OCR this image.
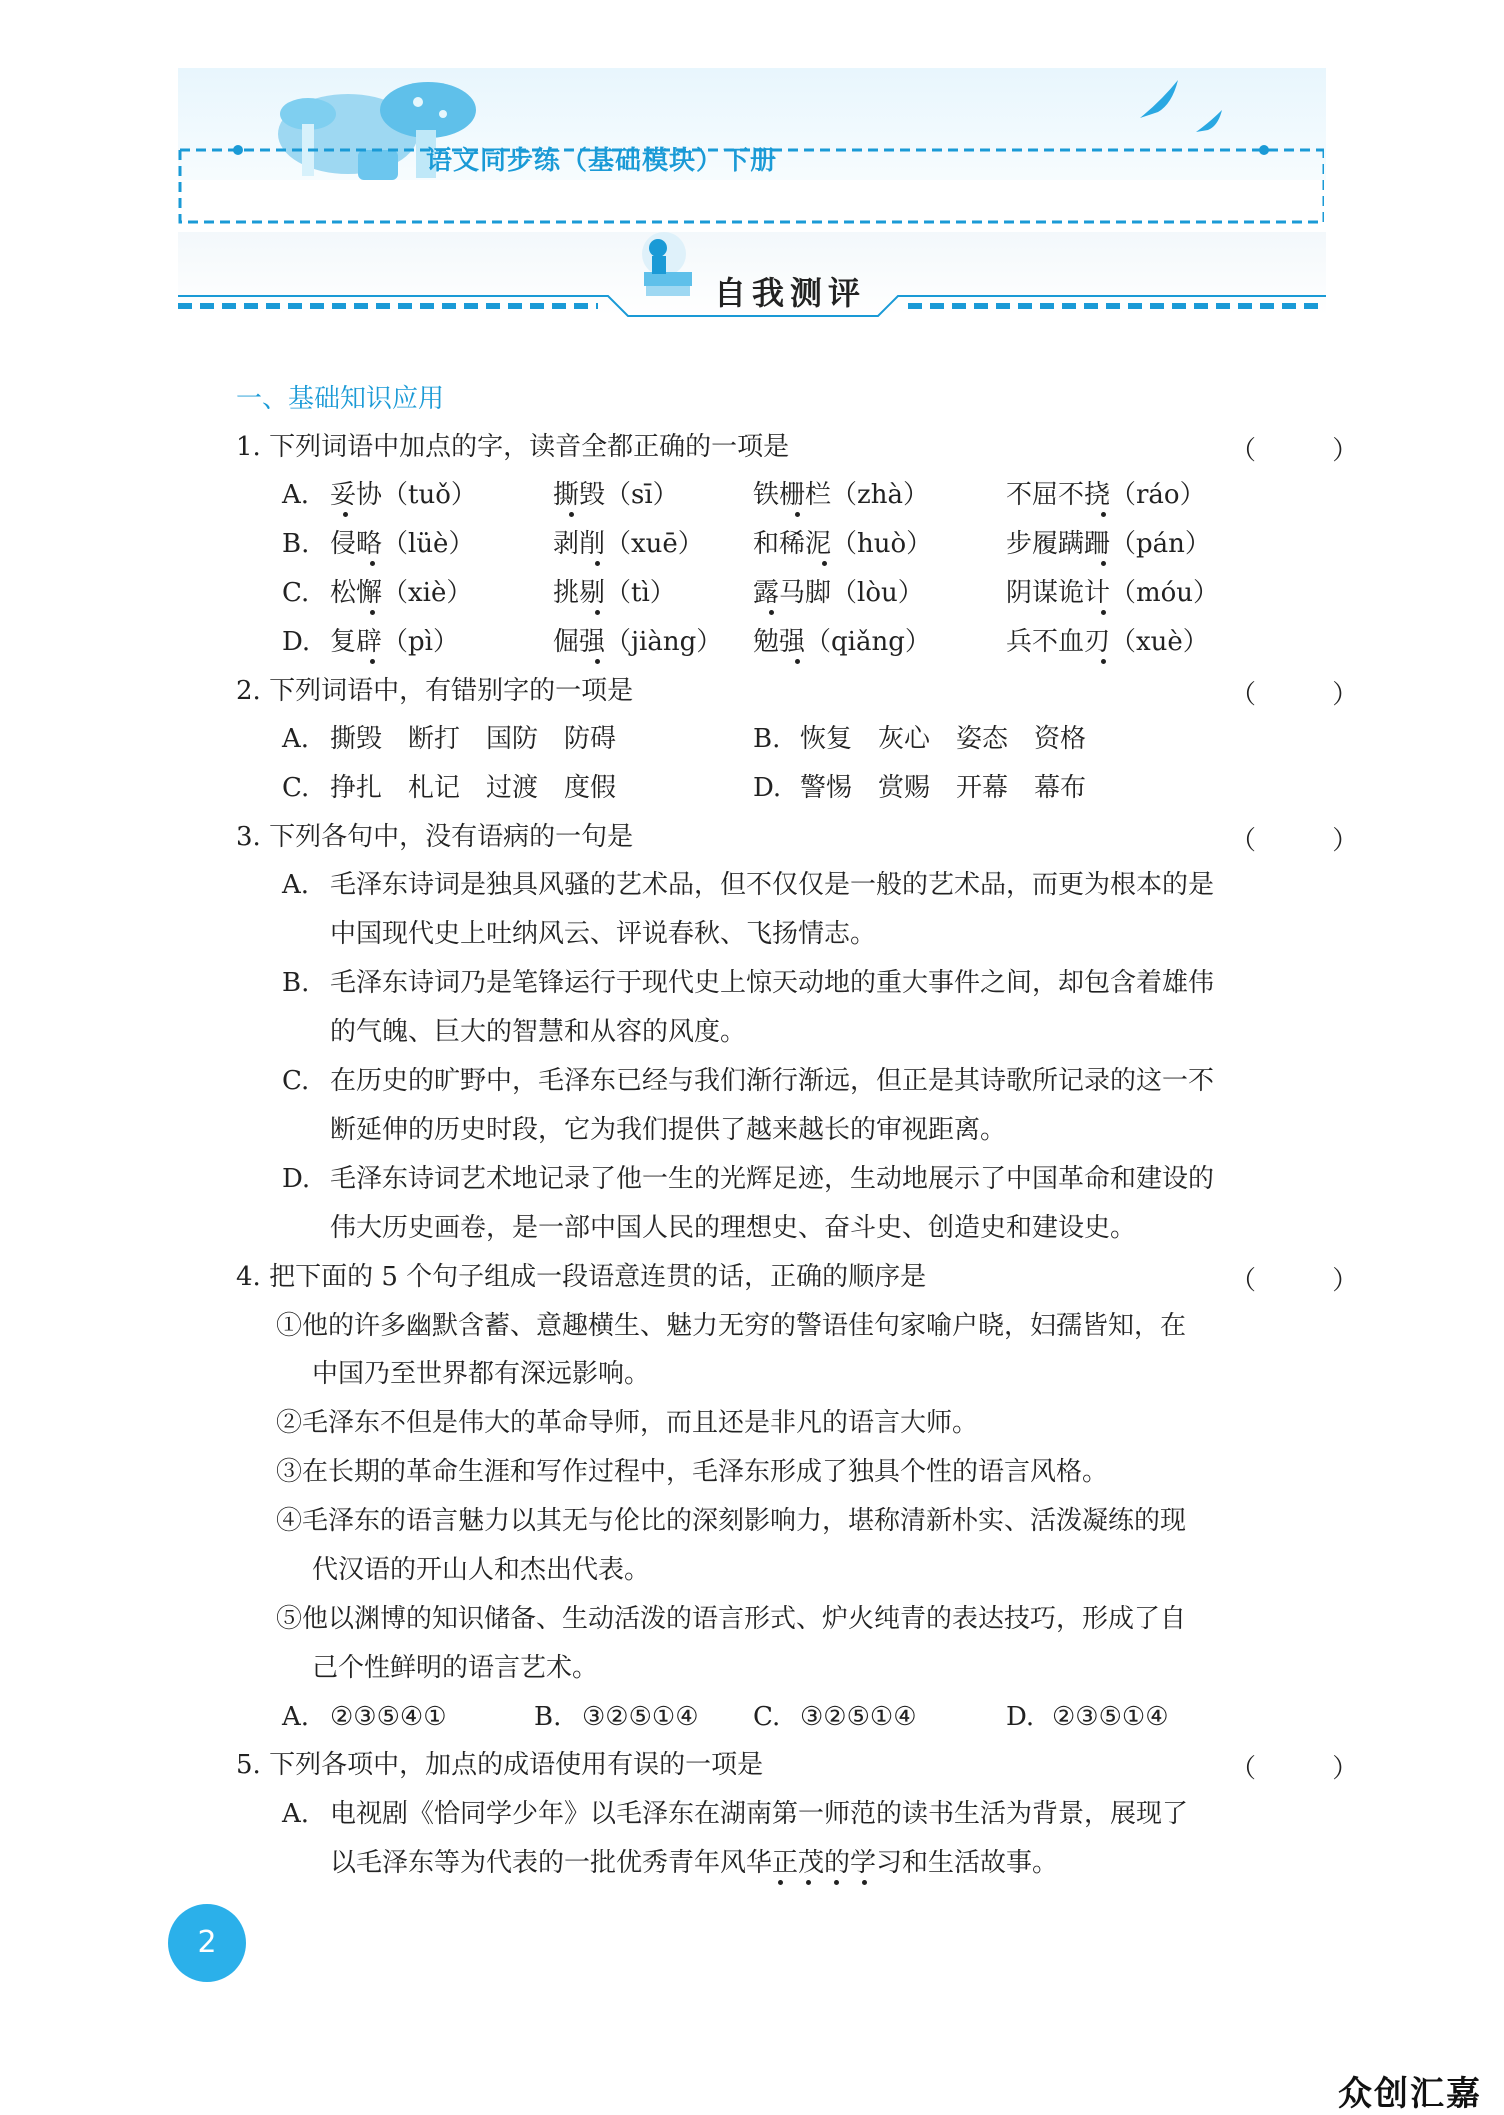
语文同步练（基础模块）下册
自我测评
一、基础知识应用
1. 下列词语中加点的字，读音全都正确的一项是	（ ）
A. 妥协（tuǒ）	撕毁（sī）	铁栅栏（zhà）	不屈不挠（ráo）
B. 侵略（lüè）	剥削（xuē） 和稀泥（huò）	步履蹒跚（pán）
C. 松懈（xiè）	挑剔（tì）	露马脚（lòu）	阴谋诡计（móu）
D. 复辟（pì）	倔强（jiàng） 勉强（qiǎng）	兵不血刃（xuè）
2. 下列词语中，有错别字的一项是	（ ）
A. 撕毁　断打　国防　防碍	B. 恢复　灰心　姿态　资格
C. 挣扎　札记　过渡　度假	D. 警惕　赏赐　开幕　幕布
3. 下列各句中，没有语病的一句是	（ ）
A. 毛泽东诗词是独具风骚的艺术品，但不仅仅是一般的艺术品，而更为根本的是
中国现代史上吐纳风云、评说春秋、飞扬情志。
B. 毛泽东诗词乃是笔锋运行于现代史上惊天动地的重大事件之间，却包含着雄伟
的气魄、巨大的智慧和从容的风度。
C. 在历史的旷野中，毛泽东已经与我们渐行渐远，但正是其诗歌所记录的这一不
断延伸的历史时段，它为我们提供了越来越长的审视距离。
D. 毛泽东诗词艺术地记录了他一生的光辉足迹，生动地展示了中国革命和建设的
伟大历史画卷，是一部中国人民的理想史、奋斗史、创造史和建设史。
4. 把下面的 5 个句子组成一段语意连贯的话，正确的顺序是	（ ）
①他的许多幽默含蓄、意趣横生、魅力无穷的警语佳句家喻户晓，妇孺皆知，在
中国乃至世界都有深远影响。
②毛泽东不但是伟大的革命导师，而且还是非凡的语言大师。
③在长期的革命生涯和写作过程中，毛泽东形成了独具个性的语言风格。
④毛泽东的语言魅力以其无与伦比的深刻影响力，堪称清新朴实、活泼凝练的现
代汉语的开山人和杰出代表。
⑤他以渊博的知识储备、生动活泼的语言形式、炉火纯青的表达技巧，形成了自
己个性鲜明的语言艺术。
A. ②③⑤④①	B. ③②⑤①④ C. ③②⑤①④	D. ②③⑤①④
5. 下列各项中，加点的成语使用有误的一项是	（ ）
A. 电视剧《恰同学少年》以毛泽东在湖南第一师范的读书生活为背景，展现了
以毛泽东等为代表的一批优秀青年风华正茂的学习和生活故事。
2
众创汇嘉
